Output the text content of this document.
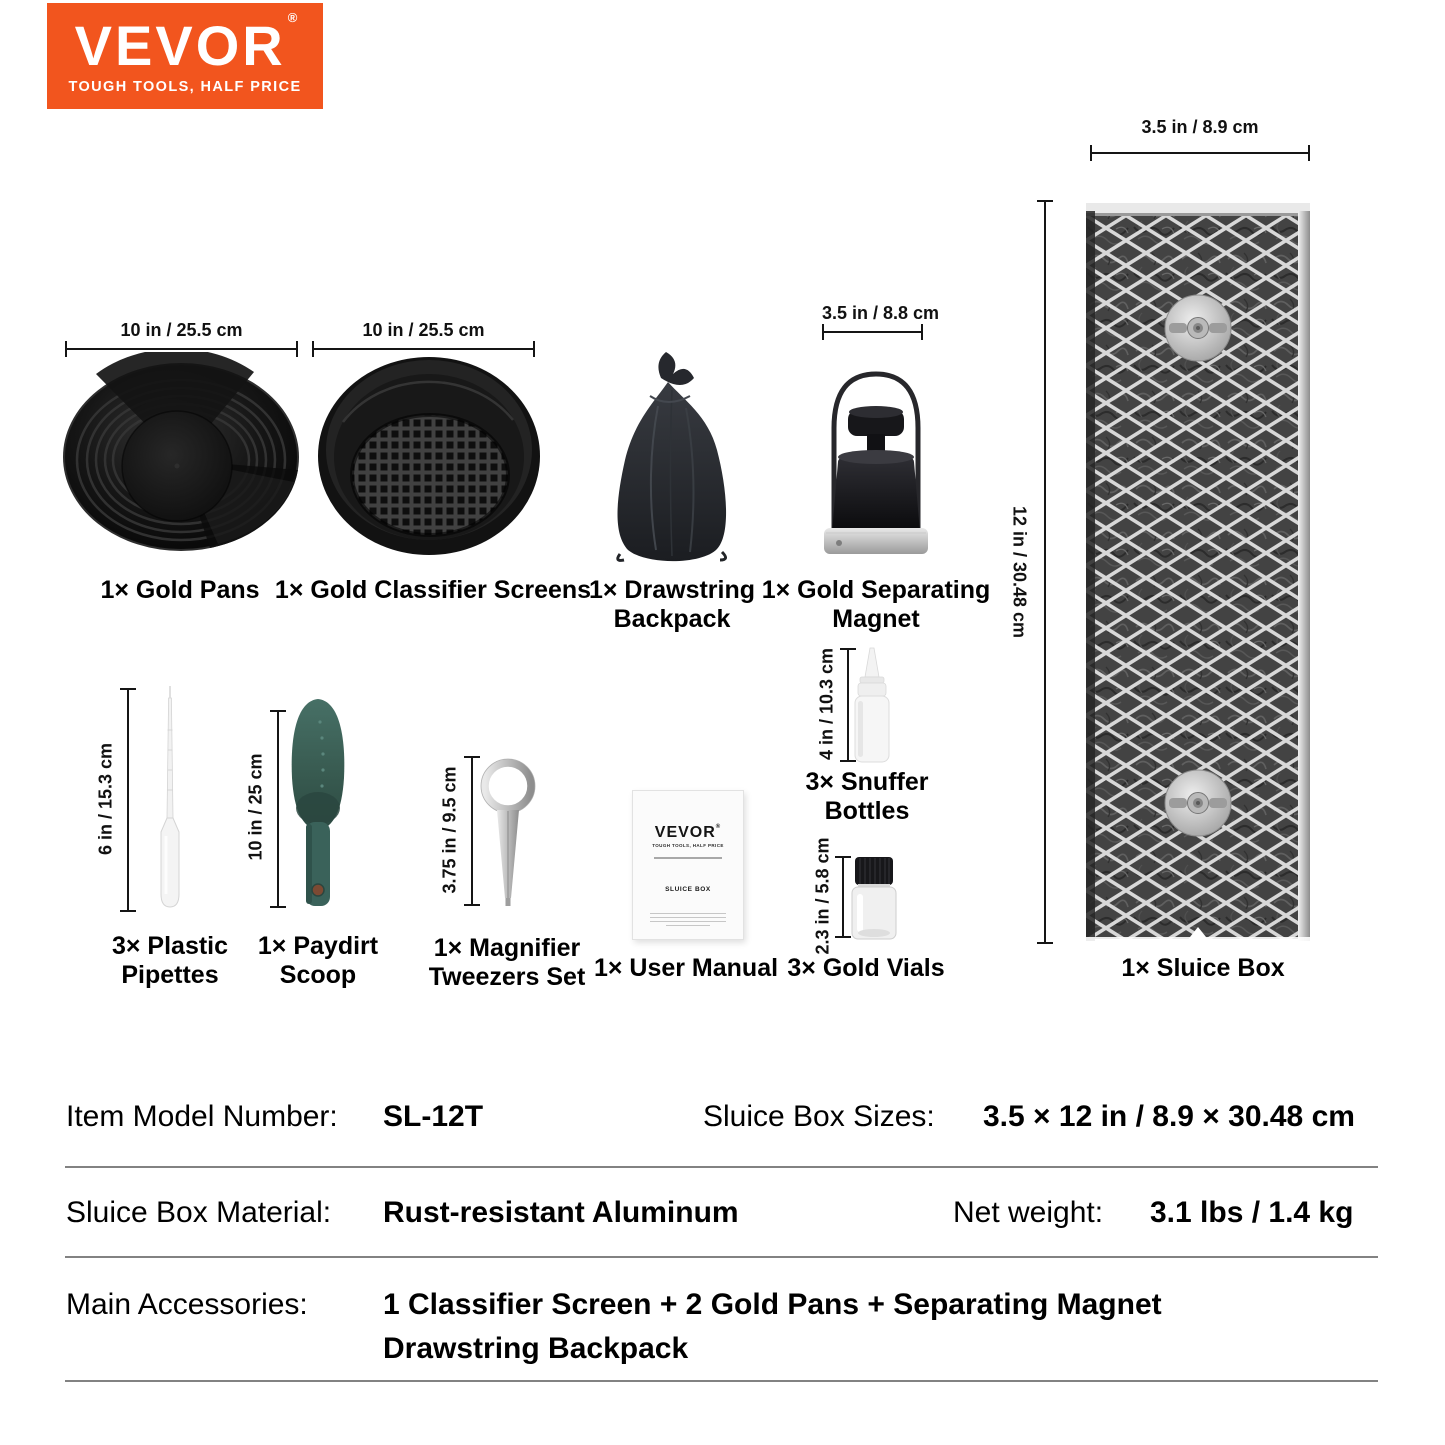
VEVOR ®
TOUGH TOOLS, HALF PRICE
10 in / 25.5 cm	10 in / 25.5 cm
3.5 in / 8.8 cm
3.5 in / 8.9 cm
12 in / 30.48 cm
6 in / 15.3 cm	10 in / 25 cm	3.75 in / 9.5 cm
4 in / 10.3 cm
2.3 in / 5.8 cm
VEVOR®
TOUGH TOOLS, HALF PRICE
SLUICE BOX
1× Gold Pans 1× Gold Classifier Screens
1× Drawstring
Backpack
1× Gold Separating
Magnet
1× Sluice Box
3× Plastic
Pipettes
1× Paydirt
Scoop
1× Magnifier
Tweezers Set 1× User Manual
3× Snuffer
Bottles
3× Gold Vials
Item Model Number: SL-12T	Sluice Box Sizes: 3.5 × 12 in / 8.9 × 30.48 cm
Sluice Box Material: Rust-resistant Aluminum	Net weight: 3.1 lbs / 1.4 kg
Main Accessories:	1 Classifier Screen + 2 Gold Pans + Separating Magnet
Drawstring Backpack
